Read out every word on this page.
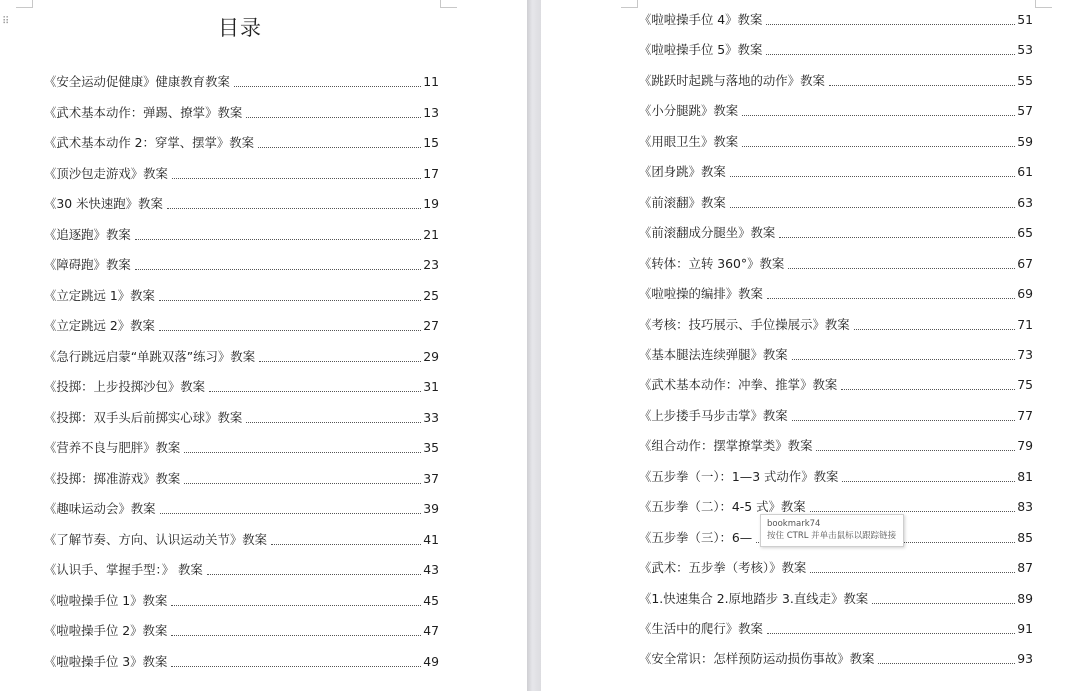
⠿	目录
《安全运动促健康》健康教育教案	11
《武术基本动作：弹踢、撩掌》教案	13
《武术基本动作 2：穿掌、摆掌》教案	15
《顶沙包走游戏》教案	17
《30 米快速跑》教案	19
《追逐跑》教案	21
《障碍跑》教案	23
《立定跳远 1》教案	25
《立定跳远 2》教案	27
《急行跳远启蒙“单跳双落”练习》教案	29
《投掷：上步投掷沙包》教案	31
《投掷：双手头后前掷实心球》教案	33
《营养不良与肥胖》教案	35
《投掷：掷准游戏》教案	37
《趣味运动会》教案	39
《了解节奏、方向、认识运动关节》教案	41
《认识手、掌握手型：》 教案	43
《啦啦操手位 1》教案	45
《啦啦操手位 2》教案	47
《啦啦操手位 3》教案	49
《啦啦操手位 4》教案	51
《啦啦操手位 5》教案	53
《跳跃时起跳与落地的动作》教案	55
《小分腿跳》教案	57
《用眼卫生》教案	59
《团身跳》教案	61
《前滚翻》教案	63
《前滚翻成分腿坐》教案	65
《转体：立转 360°》教案	67
《啦啦操的编排》教案	69
《考核：技巧展示、手位操展示》教案	71
《基本腿法连续弹腿》教案	73
《武术基本动作：冲拳、推掌》教案	75
《上步搂手马步击掌》教案	77
《组合动作：摆掌撩掌类》教案	79
《五步拳（一）：1—3 式动作》教案	81
《五步拳（二）：4-5 式》教案	83
《五步拳（三）：6—	85
《武术：五步拳（考核）》教案	87
《1.快速集合 2.原地踏步 3.直线走》教案	89
《生活中的爬行》教案	91
《安全常识：怎样预防运动损伤事故》教案	93
bookmark74
按住 CTRL 并单击鼠标以跟踪链接
